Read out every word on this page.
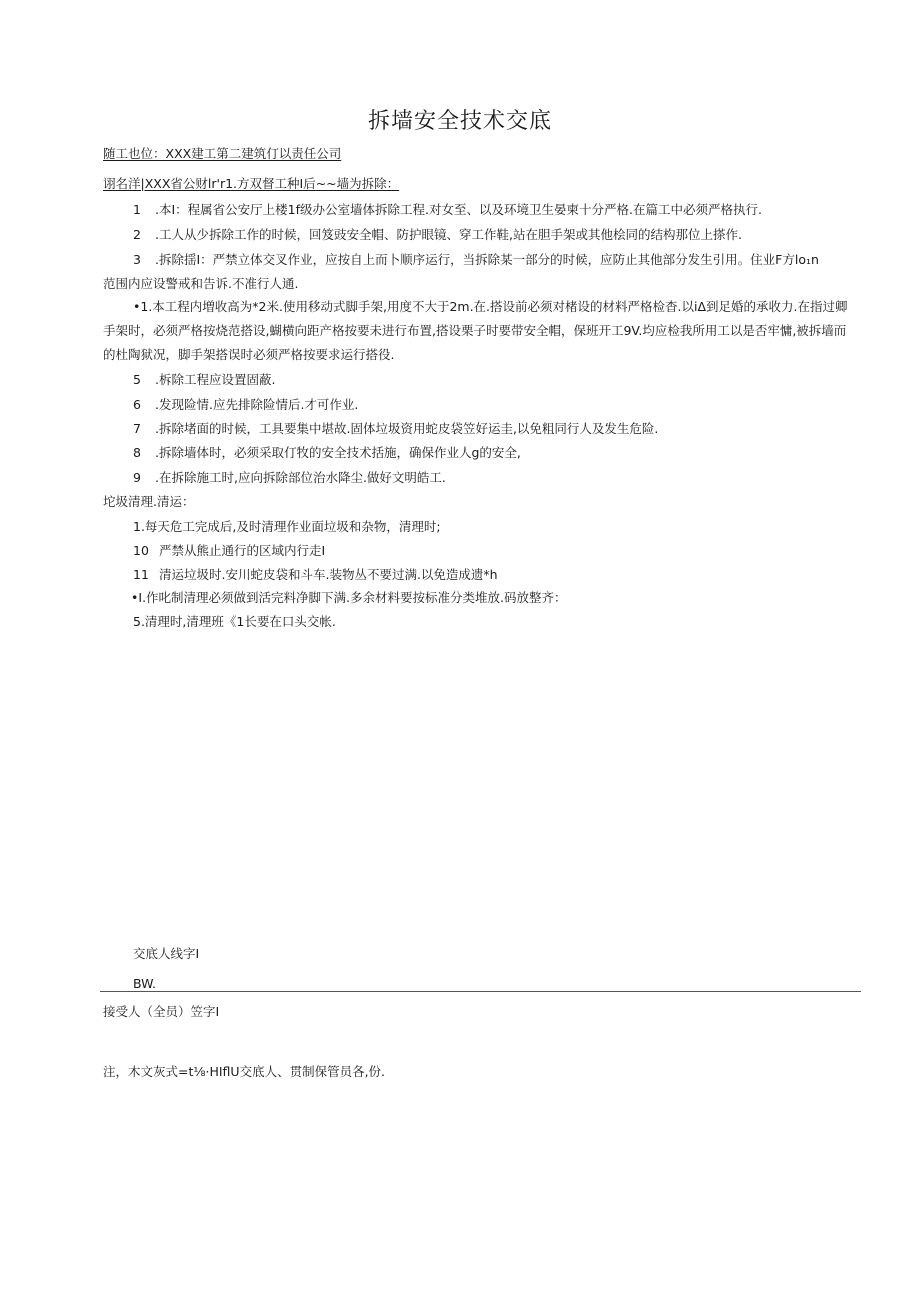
拆墙安全技术交底
随工也位：XXX建工第二建筑仃以责任公司
诩名洋|XXX省公财lr'r1.方双督工种I后~~墙为拆除：
1 .本I：程属省公安厅上楼1f级办公室墙体拆除工程.对女至、以及环境卫生晏柬十分严格.在篇工中必须严格执行.
2 .工人从少拆除工作的时候，回笈豉安全帽、防护眼镜、穿工作鞋,站在胆手架或其他桧同的结构那位上搽作.
3 .拆除揺I：严禁立体交叉作业，应按自上而卜顺序运行，当拆除某一部分的时候，应防止其他部分发生引用。住业F方lo₁n
范围内应设警戒和告诉.不准行人通.
•1.本工程内増收高为*2米.使用移动式脚手架,用度不大于2m.在.搭设前必须对楮设的材料严格检杳.以iΔ到足婚的承收力.在指过卿手架时，必须严格按烧范搭设,蝴横向距产格按要未进行布置,搭设栗子时要带安全帽，保班开工9V.均应检我所用工以是否牢慵,被拆墙而的杜陶狱况，脚手架搭误时必须严格按要求运行搭役.
5 .柝除工程应设置固蔽.
6 .发现险情.应先排除险情后.才可作业.
7 .拆除堵面的时候，工具要集中堪故.固体垃圾资用蛇皮袋笠好运圭,以免粗同行人及发生危险.
8 .拆除墙体时，必须采取仃牧的安全技术括施，确保作业人g的安全,
9 .在拆除施工时,应向拆除部位治水降尘.做好文明皓工.
坨圾清理.清运：
1.每天危工完成后,及时清理作业面垃圾和杂物，清理时;
10 严禁从熊止通行的区域内行走I
11 清运垃圾时.安川蛇皮袋和斗车.装物丛不要过满.以免造成遗*h
•I.作叱制清理必须做到活完料净脚下满.多余材料要按标准分类堆放.码放整齐：
5.清理时,清理班《1长要在口头交帐.
交底人线字I
BW.
接受人（全员）笠字I
注，木文灰式=t⅛·HIflU交底人、贯制保管员各,份.
